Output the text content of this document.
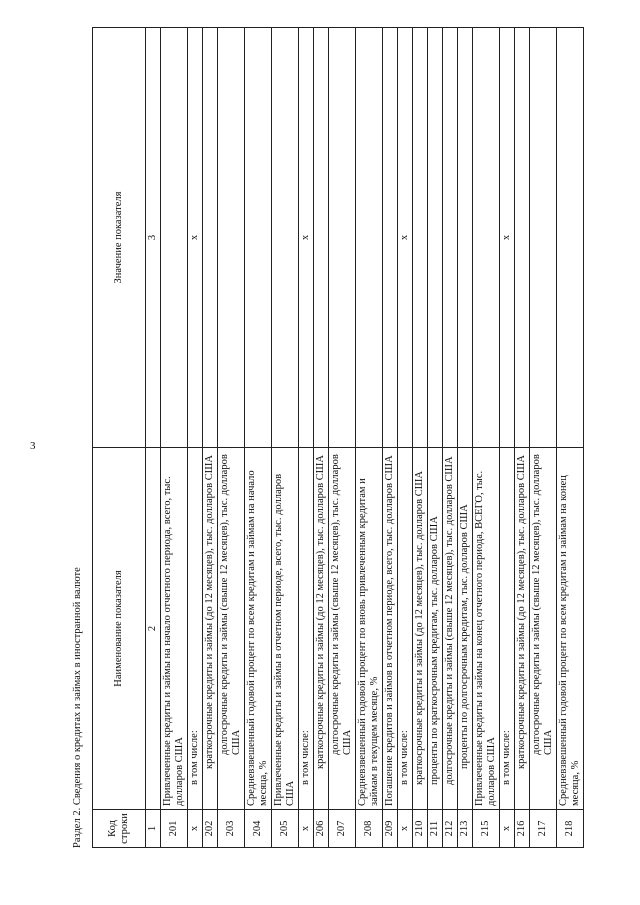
3
Раздел 2. Сведения о кредитах и займах в иностранной валюте Код строки	Наименование показателя	Значение показателя
1	2	3
201	Привлеченные кредиты и займы на начало отчетного периода, всего, тыс. долларов США	
х	в том числе:	х
202	краткосрочные кредиты и займы (до 12 месяцев), тыс. долларов США	
203	долгосрочные кредиты и займы (свыше 12 месяцев), тыс. долларов США	
204	Средневзвешенный годовой процент по всем кредитам и займам на начало месяца, %	
205	Привлеченные кредиты и займы в отчетном периоде, всего, тыс. долларов США	
х	в том числе:	х
206	краткосрочные кредиты и займы (до 12 месяцев), тыс. долларов США	
207	долгосрочные кредиты и займы (свыше 12 месяцев), тыс. долларов США	
208	Средневзвешенный годовой процент по вновь привлеченным кредитам и займам в текущем месяце, %	
209	Погашение кредитов и займов в отчетном периоде, всего, тыс. долларов США	
х	в том числе:	х
210	краткосрочные кредиты и займы (до 12 месяцев), тыс. долларов США	
211	проценты по краткосрочным кредитам, тыс. долларов США	
212	долгосрочные кредиты и займы (свыше 12 месяцев), тыс. долларов США	
213	проценты по долгосрочным кредитам, тыс. долларов США	
215	Привлеченные кредиты и займы на конец отчетного периода, ВСЕГО, тыс. долларов США	
х	в том числе:	х
216	краткосрочные кредиты и займы (до 12 месяцев), тыс. долларов США	
217	долгосрочные кредиты и займы (свыше 12 месяцев), тыс. долларов США	
218	Средневзвешенный годовой процент по всем кредитам и займам на конец месяца, %	
